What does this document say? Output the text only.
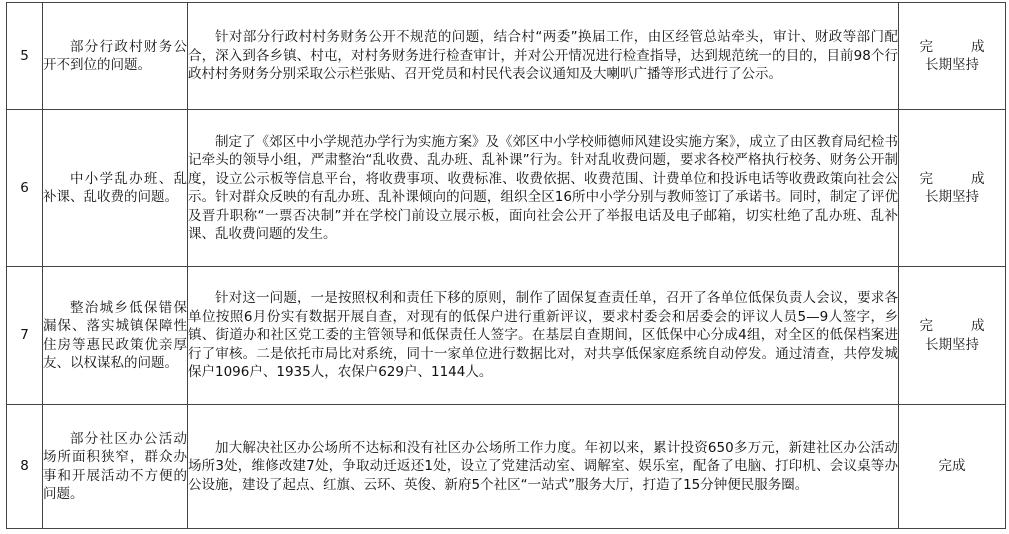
5	部分行政村财务公开不到位的问题。	针对部分行政村村务财务公开不规范的问题，结合村“两委”换届工作，由区经管总站牵头，审计、财政等部门配合，深入到各乡镇、村屯，对村务财务进行检查审计，并对公开情况进行检查指导，达到规范统一的目的，目前98个行政村村务财务分别采取公示栏张贴、召开党员和村民代表会议通知及大喇叭广播等形式进行了公示。	完 成
长期坚持

6	中小学乱办班、乱补课、乱收费的问题。	制定了《郊区中小学规范办学行为实施方案》及《郊区中小学校师德师风建设实施方案》，成立了由区教育局纪检书记牵头的领导小组，严肃整治“乱收费、乱办班、乱补课”行为。针对乱收费问题，要求各校严格执行校务、财务公开制度，设立公示板等信息平台，将收费事项、收费标准、收费依据、收费范围、计费单位和投诉电话等收费政策向社会公示。针对群众反映的有乱办班、乱补课倾向的问题，组织全区16所中小学分别与教师签订了承诺书。同时，制定了评优及晋升职称“一票否决制”并在学校门前设立展示板，面向社会公开了举报电话及电子邮箱，切实杜绝了乱办班、乱补课、乱收费问题的发生。	完 成
长期坚持

7	整治城乡低保错保漏保、落实城镇保障性住房等惠民政策优亲厚友、以权谋私的问题。	针对这一问题，一是按照权利和责任下移的原则，制作了固保复查责任单，召开了各单位低保负责人会议，要求各单位按照6月份实有数据开展自查，对现有的低保户进行重新评议，要求村委会和居委会的评议人员5—9人签字，乡镇、街道办和社区党工委的主管领导和低保责任人签字。在基层自查期间，区低保中心分成4组，对全区的低保档案进行了审核。二是依托市局比对系统，同十一家单位进行数据比对，对共享低保家庭系统自动停发。通过清查，共停发城保户1096户、1935人，农保户629户、1144人。	完 成
长期坚持

8	部分社区办公活动场所面积狭窄，群众办事和开展活动不方便的问题。	加大解决社区办公场所不达标和没有社区办公场所工作力度。年初以来，累计投资650多万元，新建社区办公活动场所3处，维修改建7处，争取动迁返还1处，设立了党建活动室、调解室、娱乐室，配备了电脑、打印机、会议桌等办公设施，建设了起点、红旗、云环、英俊、新府5个社区“一站式”服务大厅，打造了15分钟便民服务圈。	完成
